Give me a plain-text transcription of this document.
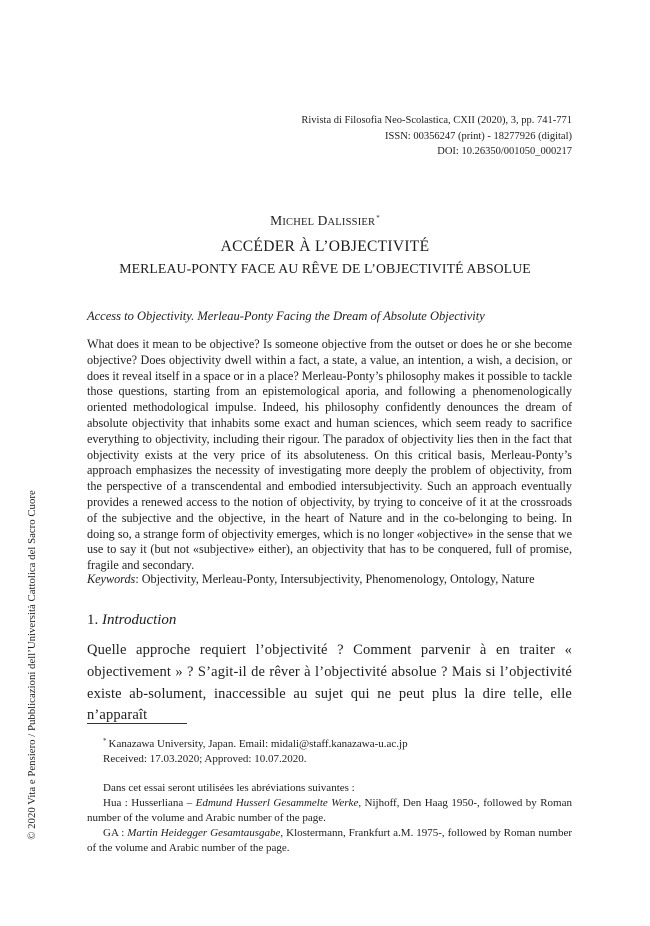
Rivista di Filosofia Neo-Scolastica, CXII (2020), 3, pp. 741-771
ISSN: 00356247 (print) - 18277926 (digital)
DOI: 10.26350/001050_000217
MICHEL DALISSIER*
ACCÉDER À L’OBJECTIVITÉ
MERLEAU-PONTY FACE AU RÊVE DE L’OBJECTIVITÉ ABSOLUE
Access to Objectivity. Merleau-Ponty Facing the Dream of Absolute Objectivity
What does it mean to be objective? Is someone objective from the outset or does he or she become objective? Does objectivity dwell within a fact, a state, a value, an intention, a wish, a decision, or does it reveal itself in a space or in a place? Merleau-Ponty’s philosophy makes it possible to tackle those questions, starting from an epistemological aporia, and following a phenomenologically oriented methodological impulse. Indeed, his philosophy confidently denounces the dream of absolute objectivity that inhabits some exact and human sciences, which seem ready to sacrifice everything to objectivity, including their rigour. The paradox of objectivity lies then in the fact that objectivity exists at the very price of its absoluteness. On this critical basis, Merleau-Ponty’s approach emphasizes the necessity of investigating more deeply the problem of objectivity, from the perspective of a transcendental and embodied intersubjectivity. Such an approach eventually provides a renewed access to the notion of objectivity, by trying to conceive of it at the crossroads of the subjective and the objective, in the heart of Nature and in the co-belonging to being. In doing so, a strange form of objectivity emerges, which is no longer «objective» in the sense that we use to say it (but not «subjective» either), an objectivity that has to be conquered, full of promise, fragile and secondary.
Keywords: Objectivity, Merleau-Ponty, Intersubjectivity, Phenomenology, Ontology, Nature
1. Introduction
Quelle approche requiert l’objectivité ? Comment parvenir à en traiter « objectivement » ? S’agit-il de rêver à l’objectivité absolue ? Mais si l’objectivité existe ab-solument, inaccessible au sujet qui ne peut plus la dire telle, elle n’apparaît

* Kanazawa University, Japan. Email: midali@staff.kanazawa-u.ac.jp

Received: 17.03.2020; Approved: 10.07.2020.

Dans cet essai seront utilisées les abréviations suivantes :

Hua : Husserliana – Edmund Husserl Gesammelte Werke, Nijhoff, Den Haag 1950-, followed by Roman number of the volume and Arabic number of the page.

GA : Martin Heidegger Gesamtausgabe, Klostermann, Frankfurt a.M. 1975-, followed by Roman number of the volume and Arabic number of the page.

© 2020 Vita e Pensiero / Pubblicazioni dell’Università Cattolica del Sacro Cuore
